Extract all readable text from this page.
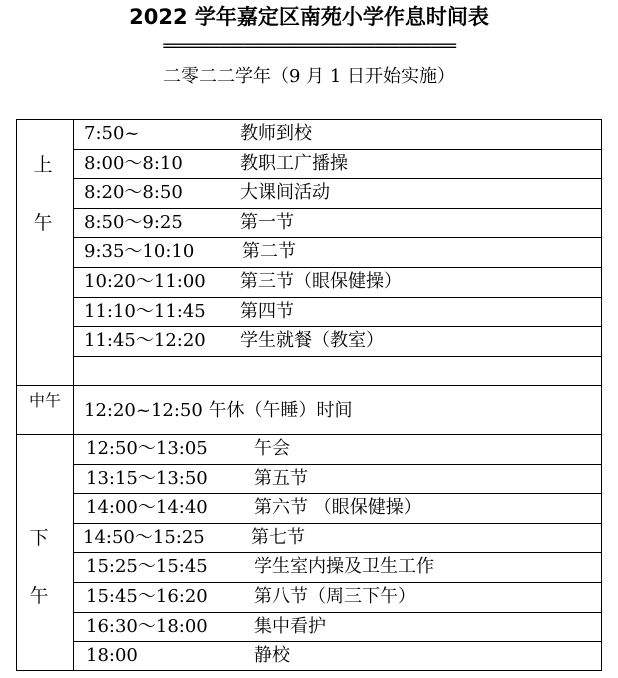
2022 学年嘉定区南苑小学作息时间表
====================================
二零二二学年（9 月 1 日开始实施）
上
午
7:50~	教师到校
8:00～8:10	教职工广播操
8:20～8:50	大课间活动
8:50～9:25	第一节
9:35～10:10	第二节
10:20～11:00 第三节（眼保健操）
11:10～11:45 第四节
11:45～12:20 学生就餐（教室）
中午	12:20~12:50 午休（午睡）时间
下
午
12:50～13:05	午会
13:15～13:50	第五节
14:00～14:40	第六节 （眼保健操）
14:50～15:25	第七节
15:25～15:45	学生室内操及卫生工作
15:45～16:20	第八节（周三下午）
16:30～18:00	集中看护
18:00	静校
